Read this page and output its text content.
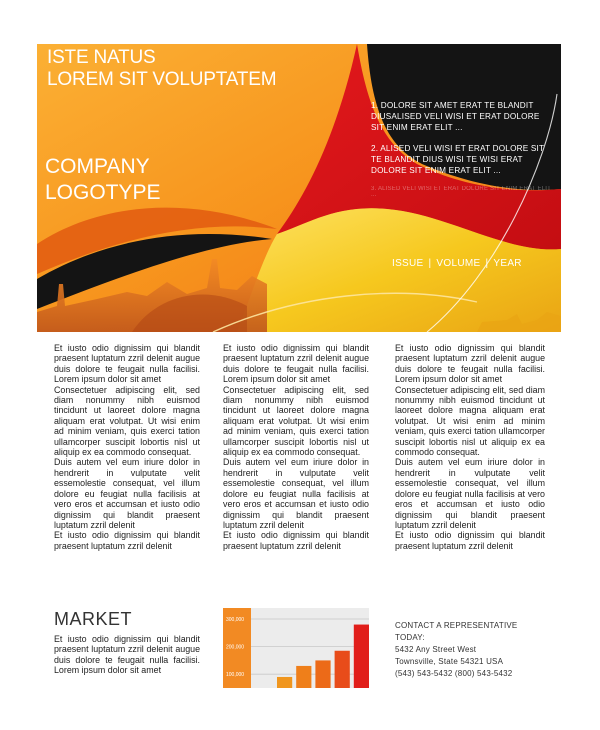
ISTE NATUS
LOREM SIT VOLUPTATEM
COMPANY
LOGOTYPE
1. DOLORE SIT AMET ERAT TE BLANDIT DIUSALISED VELI WISI ET ERAT DOLORE SIT ENIM ERAT ELIT ...
2. ALISED VELI WISI ET ERAT DOLORE SIT TE BLANDIT DIUS WISI TE WISI ERAT DOLORE SIT ENIM ERAT ELIT ...
3. ALISED VELI WISI ET ERAT DOLORE SIT ENIM ERAT ELIT ...
ISSUE | VOLUME | YEAR

Et iusto odio dignissim qui blandit praesent luptatum zzril delenit augue duis dolore te feugait nulla facilisi. Lorem ipsum dolor sit amet

Consectetuer adipiscing elit, sed diam nonummy nibh euismod tincidunt ut laoreet dolore magna aliquam erat volutpat. Ut wisi enim ad minim veniam, quis exerci tation ullamcorper suscipit lobortis nisl ut aliquip ex ea commodo consequat.

Duis autem vel eum iriure dolor in hendrerit in vulputate velit essemolestie consequat, vel illum dolore eu feugiat nulla facilisis at vero eros et accumsan et iusto odio dignissim qui blandit praesent luptatum zzril delenit

Et iusto odio dignissim qui blandit praesent luptatum zzril delenit

Et iusto odio dignissim qui blandit praesent luptatum zzril delenit augue duis dolore te feugait nulla facilisi. Lorem ipsum dolor sit amet

Consectetuer adipiscing elit, sed diam nonummy nibh euismod tincidunt ut laoreet dolore magna aliquam erat volutpat. Ut wisi enim ad minim veniam, quis exerci tation ullamcorper suscipit lobortis nisl ut aliquip ex ea commodo consequat.

Duis autem vel eum iriure dolor in hendrerit in vulputate velit essemolestie consequat, vel illum dolore eu feugiat nulla facilisis at vero eros et accumsan et iusto odio dignissim qui blandit praesent luptatum zzril delenit

Et iusto odio dignissim qui blandit praesent luptatum zzril delenit

Et iusto odio dignissim qui blandit praesent luptatum zzril delenit augue duis dolore te feugait nulla facilisi. Lorem ipsum dolor sit amet

Consectetuer adipiscing elit, sed diam nonummy nibh euismod tincidunt ut laoreet dolore magna aliquam erat volutpat. Ut wisi enim ad minim veniam, quis exerci tation ullamcorper suscipit lobortis nisl ut aliquip ex ea commodo consequat.

Duis autem vel eum iriure dolor in hendrerit in vulputate velit essemolestie consequat, vel illum dolore eu feugiat nulla facilisis at vero eros et accumsan et iusto odio dignissim qui blandit praesent luptatum zzril delenit

Et iusto odio dignissim qui blandit praesent luptatum zzril delenit

MARKET

Et iusto odio dignissim qui blandit praesent luptatum zzril delenit augue duis dolore te feugait nulla facilisi. Lorem ipsum dolor sit amet

300,000
200,000
100,000
CONTACT A REPRESENTATIVE
TODAY:
5432 Any Street West
Townsville, State 54321 USA
(543) 543-5432 (800) 543-5432
